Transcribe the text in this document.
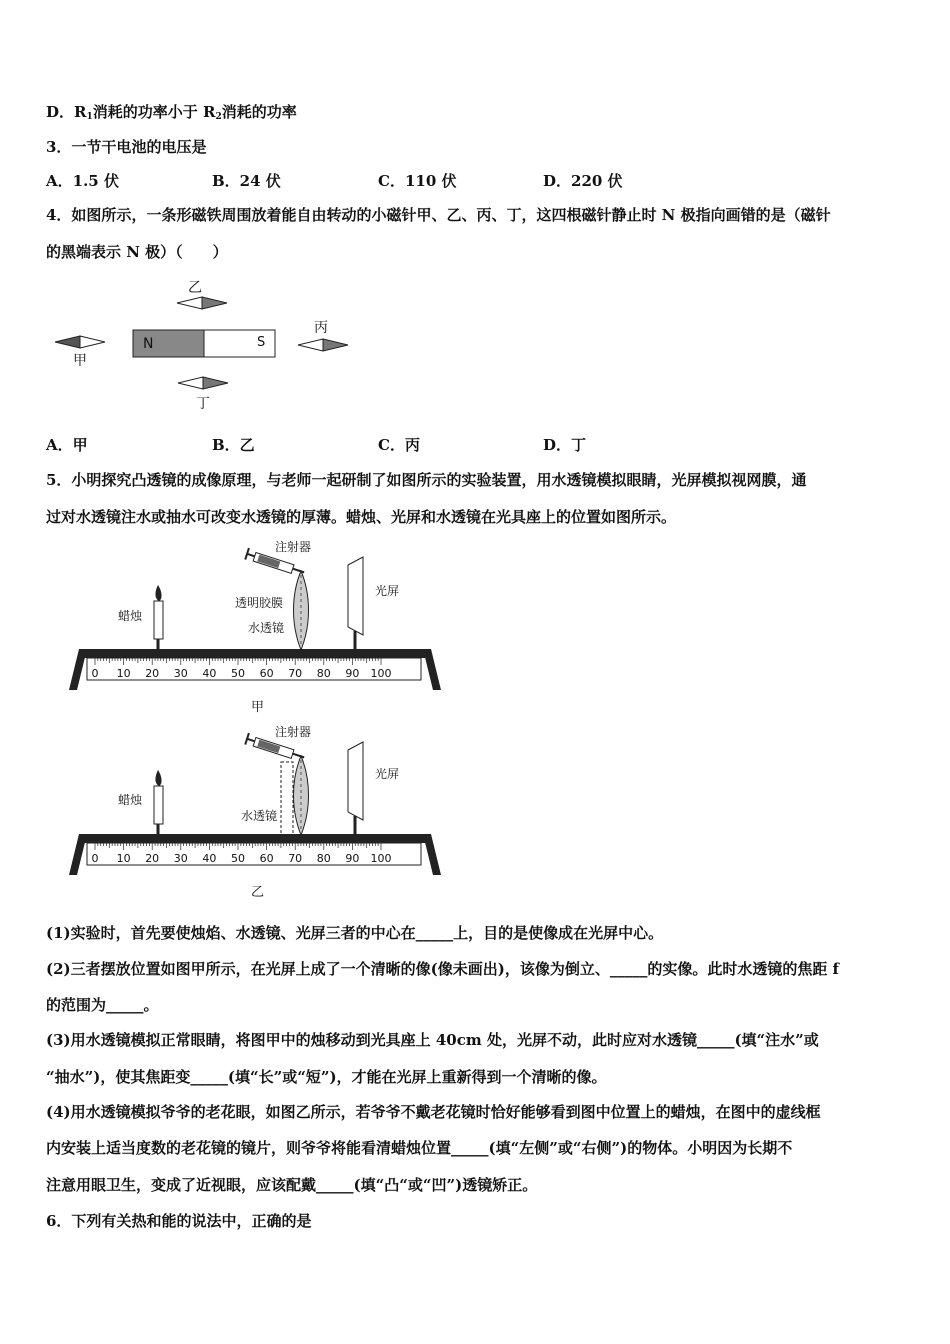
D．$R_1$消耗的功率小于 $R_2$消耗的功率
3．一节干电池的电压是
A．1.5 伏	B．24 伏	C．110 伏	D．220 伏
4．如图所示，一条形磁铁周围放着能自由转动的小磁针甲、乙、丙、丁，这四根磁针静止时 N 极指向画错的是（磁针
的黑端表示 N 极）（　　）
N	S
乙
甲
丙
丁
A．甲	B．乙	C．丙	D．丁
5．小明探究凸透镜的成像原理，与老师一起研制了如图所示的实验装置，用水透镜模拟眼睛，光屏模拟视网膜，通
过对水透镜注水或抽水可改变水透镜的厚薄。蜡烛、光屏和水透镜在光具座上的位置如图所示。
注射器
透明胶膜
水透镜
光屏
蜡烛
0 10 20 30 40 50 60 70 80 90 100
甲
注射器
水透镜
光屏
蜡烛
0 10 20 30 40 50 60 70 80 90 100
乙
(1)实验时，首先要使烛焰、水透镜、光屏三者的中心在_____上，目的是使像成在光屏中心。
(2)三者摆放位置如图甲所示，在光屏上成了一个清晰的像(像未画出)，该像为倒立、_____的实像。此时水透镜的焦距 f
的范围为_____。
(3)用水透镜模拟正常眼睛，将图甲中的烛移动到光具座上 40cm 处，光屏不动，此时应对水透镜_____(填“注水”或
“抽水”)，使其焦距变_____(填“长”或“短”)，才能在光屏上重新得到一个清晰的像。
(4)用水透镜模拟爷爷的老花眼，如图乙所示，若爷爷不戴老花镜时恰好能够看到图中位置上的蜡烛，在图中的虚线框
内安装上适当度数的老花镜的镜片，则爷爷将能看清蜡烛位置_____(填“左侧”或“右侧”)的物体。小明因为长期不
注意用眼卫生，变成了近视眼，应该配戴_____(填“凸“或“凹”)透镜矫正。
6．下列有关热和能的说法中，正确的是
